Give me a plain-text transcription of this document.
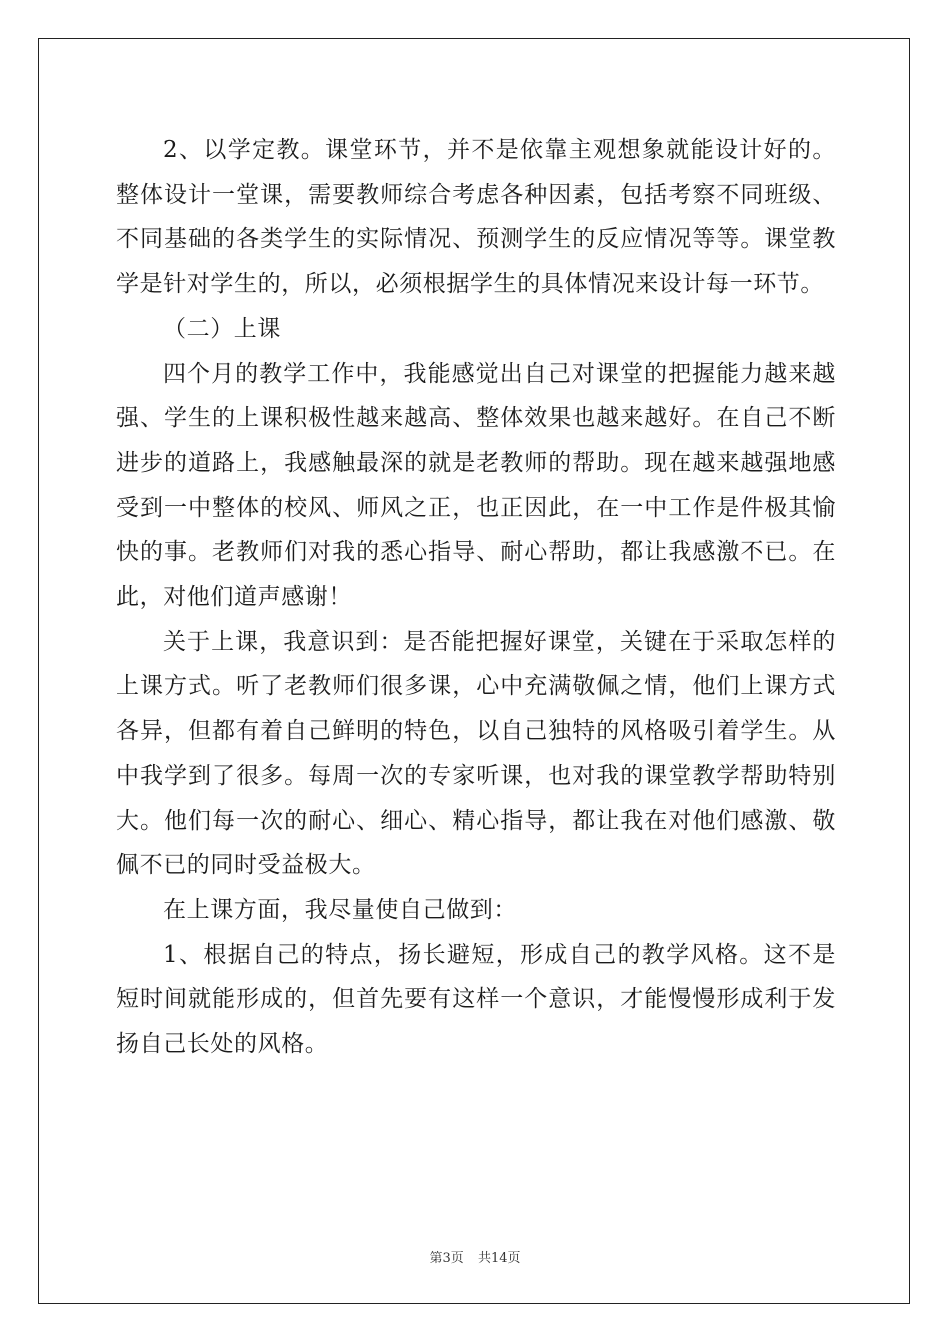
2、以学定教。课堂环节，并不是依靠主观想象就能设计好的。整体设计一堂课，需要教师综合考虑各种因素，包括考察不同班级、不同基础的各类学生的实际情况、预测学生的反应情况等等。课堂教学是针对学生的，所以，必须根据学生的具体情况来设计每一环节。

（二）上课

四个月的教学工作中，我能感觉出自己对课堂的把握能力越来越强、学生的上课积极性越来越高、整体效果也越来越好。在自己不断进步的道路上，我感触最深的就是老教师的帮助。现在越来越强地感受到一中整体的校风、师风之正，也正因此，在一中工作是件极其愉快的事。老教师们对我的悉心指导、耐心帮助，都让我感激不已。在此，对他们道声感谢！

关于上课，我意识到：是否能把握好课堂，关键在于采取怎样的上课方式。听了老教师们很多课，心中充满敬佩之情，他们上课方式各异，但都有着自己鲜明的特色，以自己独特的风格吸引着学生。从中我学到了很多。每周一次的专家听课，也对我的课堂教学帮助特别大。他们每一次的耐心、细心、精心指导，都让我在对他们感激、敬佩不已的同时受益极大。

在上课方面，我尽量使自己做到：

1、根据自己的特点，扬长避短，形成自己的教学风格。这不是短时间就能形成的，但首先要有这样一个意识，才能慢慢形成利于发扬自己长处的风格。

第3页 共14页
